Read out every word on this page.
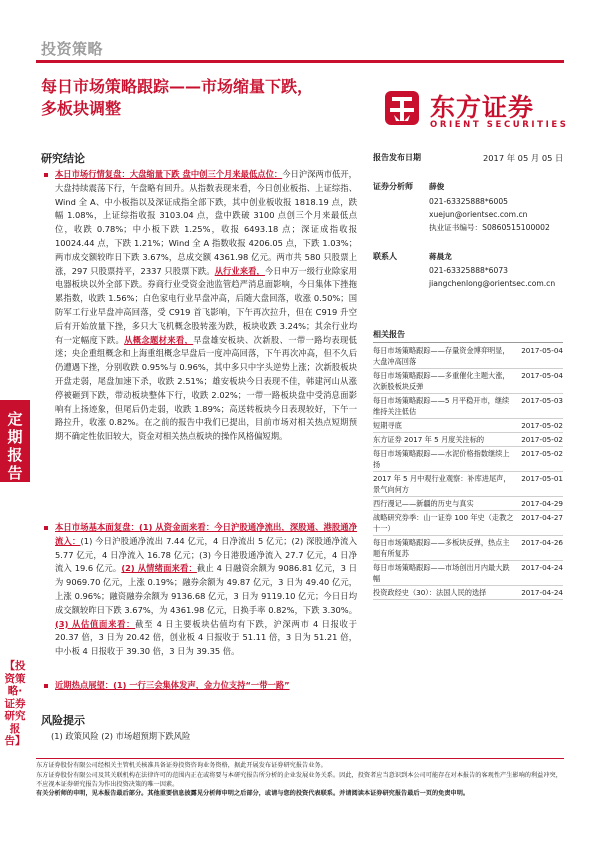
投资策略
每日市场策略跟踪——市场缩量下跌，
多板块调整	东方证券
ORIENT SECURITIES
定期报告
【投资策略·证券研究报告】
研究结论
本日市场行情复盘：大盘缩量下跌 盘中创三个月来最低点位：今日沪深两市低开，大盘持续震荡下行，午盘略有回升。从指数表现来看，今日创业板指、上证综指、Wind 全 A、中小板指以及深证成指全部下跌，其中创业板收报 1818.19 点，跌幅 1.08%，上证综指收报 3103.04 点，盘中跌破 3100 点创三个月来最低点位，收跌 0.78%；中小板下跌 1.25%，收报 6493.18 点；深证成指收报 10024.44 点，下跌 1.21%；Wind 全 A 指数收报 4206.05 点，下跌 1.03%；两市成交额较昨日下跌 3.67%，总成交额 4361.98 亿元。两市共 580 只股票上涨，297 只股票持平，2337 只股票下跌。从行业来看，今日申万一级行业除家用电器板块以外全部下跌。券商行业受资金池监管趋严消息面影响，今日集体下挫拖累指数，收跌 1.56%；白色家电行业早盘冲高，后随大盘回落，收涨 0.50%；国防军工行业早盘冲高回落，受 C919 首飞影响，下午再次拉升，但在 C919 升空后有开始放量下挫，多只大飞机概念股转涨为跌，板块收跌 3.24%；其余行业均有一定幅度下跌。从概念题材来看，早盘雄安板块、次新股、一带一路均表现低迷；央企重组概念和上海重组概念早盘后一度冲高回落，下午再次冲高，但不久后仍遭遇下挫，分别收跌 0.95%与 0.96%，其中多只中字头逆势上涨；次新股板块开盘走弱，尾盘加速下杀，收跌 2.51%；雄安板块今日表现不佳，韩建河山从涨停被砸到下跌，带动板块整体下行，收跌 2.02%；一带一路板块盘中受消息面影响有上扬迹象，但尾后仍走弱，收跌 1.89%；高送转板块今日表现较好，下午一路拉升，收涨 0.82%。在之前的报告中我们已提出，目前市场对相关热点短期预期不确定性依旧较大，资金对相关热点板块的操作风格偏短期。
本日市场基本面复盘：(1) 从资金面来看：今日沪股通净流出，深股通、港股通净流入：(1) 今日沪股通净流出 7.44 亿元，4 日净流出 5 亿元；(2) 深股通净流入 5.77 亿元，4 日净流入 16.78 亿元；(3) 今日港股通净流入 27.7 亿元，4 日净流入 19.6 亿元。(2) 从情绪面来看：截止 4 日融资余额为 9086.81 亿元，3 日为 9069.70 亿元，上涨 0.19%；融券余额为 49.87 亿元，3 日为 49.40 亿元，上涨 0.96%；融资融券余额为 9136.68 亿元，3 日为 9119.10 亿元；今日日均成交额较昨日下跌 3.67%，为 4361.98 亿元，日换手率 0.82%，下跌 3.30%。(3) 从估值面来看：截至 4 日主要板块估值均有下跌，沪深两市 4 日报收于 20.37 倍，3 日为 20.42 倍，创业板 4 日报收于 51.11 倍，3 日为 51.21 倍，中小板 4 日报收于 39.30 倍，3 日为 39.35 倍。
近期热点展望：(1) 一行三会集体发声，金力位支持“一带一路”
风险提示
(1) 政策风险 (2) 市场超预期下跌风险
东方证券股份有限公司经相关主管机关核准具备证券投资咨询业务资格，据此开展发布证券研究报告业务。
东方证券股份有限公司及其关联机构在法律许可的范围内正在或将要与本研究报告所分析的企业发展业务关系。因此，投资者应当意识到本公司可能存在对本报告的客观性产生影响的利益冲突，不应视本证券研究报告为作出投资决策的唯一因素。
有关分析师的申明，见本报告最后部分。其他重要信息披露见分析师申明之后部分，或请与您的投资代表联系。并请阅读本证券研究报告最后一页的免责申明。
报告发布日期	2017 年 05 月 05 日
证券分析师 薛俊
021-63325888*6005
xuejun@orientsec.com.cn
执业证书编号：S0860515100002
联系人	蒋晨龙
021-63325888*6073
jiangchenlong@orientsec.com.cn
相关报告
每日市场策略跟踪——存量资金博弈明显，大盘冲高回落
2017-05-04
每日市场策略跟踪——多重催化主题大涨，次新股板块反弹
2017-05-04
每日市场策略跟踪——5 月平稳开市，继续维持关注低估
2017-05-03
短期寻底	2017-05-02
东方证券 2017 年 5 月度关注标的	2017-05-02
每日市场策略跟踪——水泥价格指数继续上扬
2017-05-02
2017 年 5 月中观行业观察：补库进尾声，景气向何方
2017-05-01
西行漫记——新疆的历史与真实	2017-04-29
战略研究券季：山一证券 100 年史（走教之十一）
2017-04-27
每日市场策略跟踪——多板块反弹，热点主题有所复苏
2017-04-26
每日市场策略跟踪——市场创出月内最大跌幅
2017-04-24
投资政经史（30）：法国人民的选择	2017-04-24
